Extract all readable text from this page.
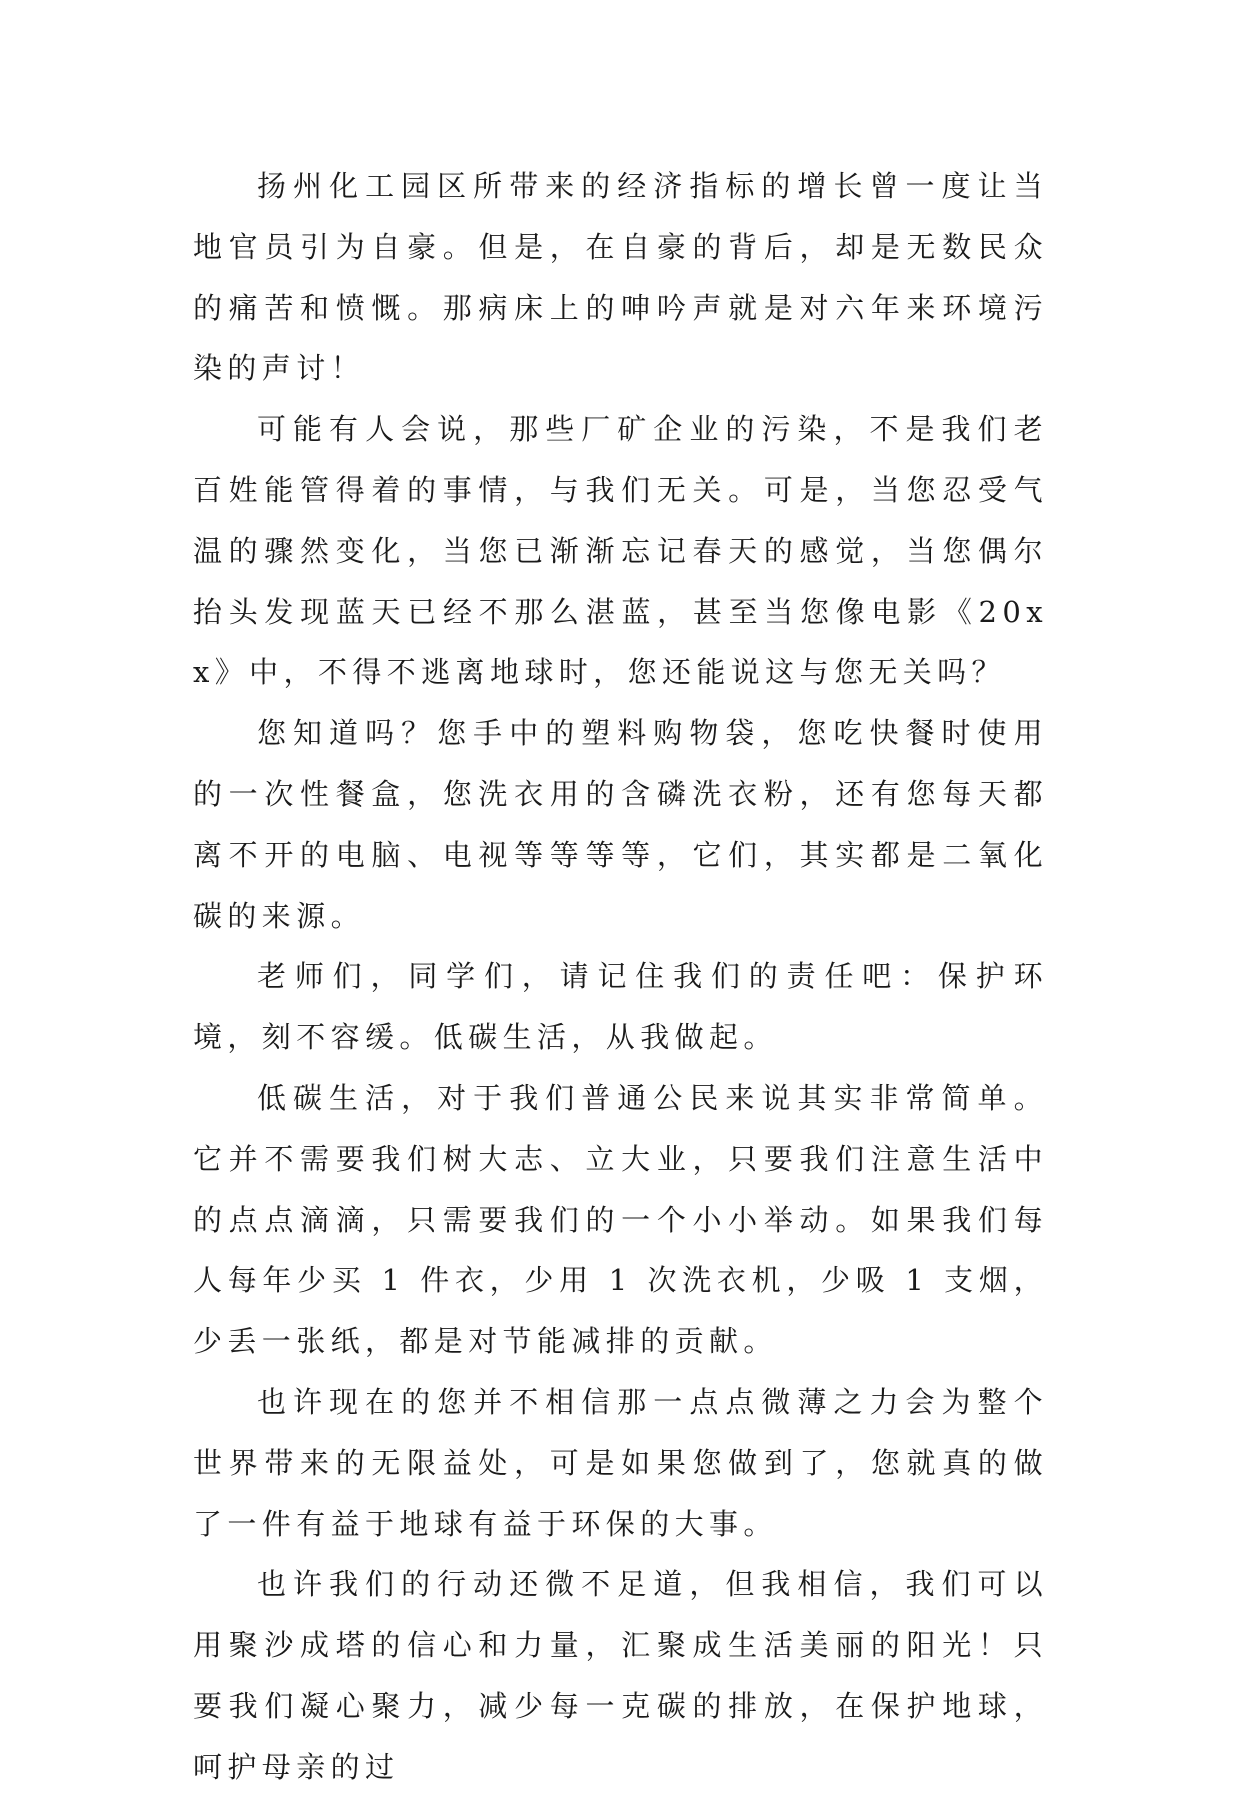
扬州化工园区所带来的经济指标的增长曾一度让当地官员引为自豪。但是，在自豪的背后，却是无数民众的痛苦和愤慨。那病床上的呻吟声就是对六年来环境污染的声讨！

可能有人会说，那些厂矿企业的污染，不是我们老百姓能管得着的事情，与我们无关。可是，当您忍受气温的骤然变化，当您已渐渐忘记春天的感觉，当您偶尔抬头发现蓝天已经不那么湛蓝，甚至当您像电影《20xx》中，不得不逃离地球时，您还能说这与您无关吗？

您知道吗？您手中的塑料购物袋，您吃快餐时使用的一次性餐盒，您洗衣用的含磷洗衣粉，还有您每天都离不开的电脑、电视等等等等，它们，其实都是二氧化碳的来源。

老师们，同学们，请记住我们的责任吧：保护环境，刻不容缓。低碳生活，从我做起。

低碳生活，对于我们普通公民来说其实非常简单。它并不需要我们树大志、立大业，只要我们注意生活中的点点滴滴，只需要我们的一个小小举动。如果我们每人每年少买 1 件衣，少用 1 次洗衣机，少吸 1 支烟，少丢一张纸，都是对节能减排的贡献。

也许现在的您并不相信那一点点微薄之力会为整个世界带来的无限益处，可是如果您做到了，您就真的做了一件有益于地球有益于环保的大事。

也许我们的行动还微不足道，但我相信，我们可以用聚沙成塔的信心和力量，汇聚成生活美丽的阳光！只要我们凝心聚力，减少每一克碳的排放，在保护地球，呵护母亲的过
